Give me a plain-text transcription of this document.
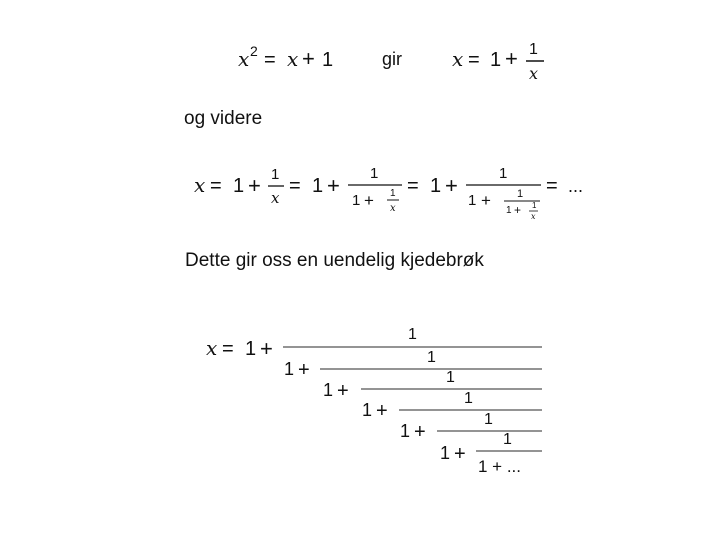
x 2 = x + 1	gir x = 1 + 1
x
og videre
x = 1 + 1
x
= 1 + 1
1 + 1
x
= 1 +	1
1 + 1
1 + 1
x
= ...
Dette gir oss en uendelig kjedebrøk
x = 1 +
1
1 +
1
1 +
1
1 +
1
1 +
1
1 +
1
1 + ...
